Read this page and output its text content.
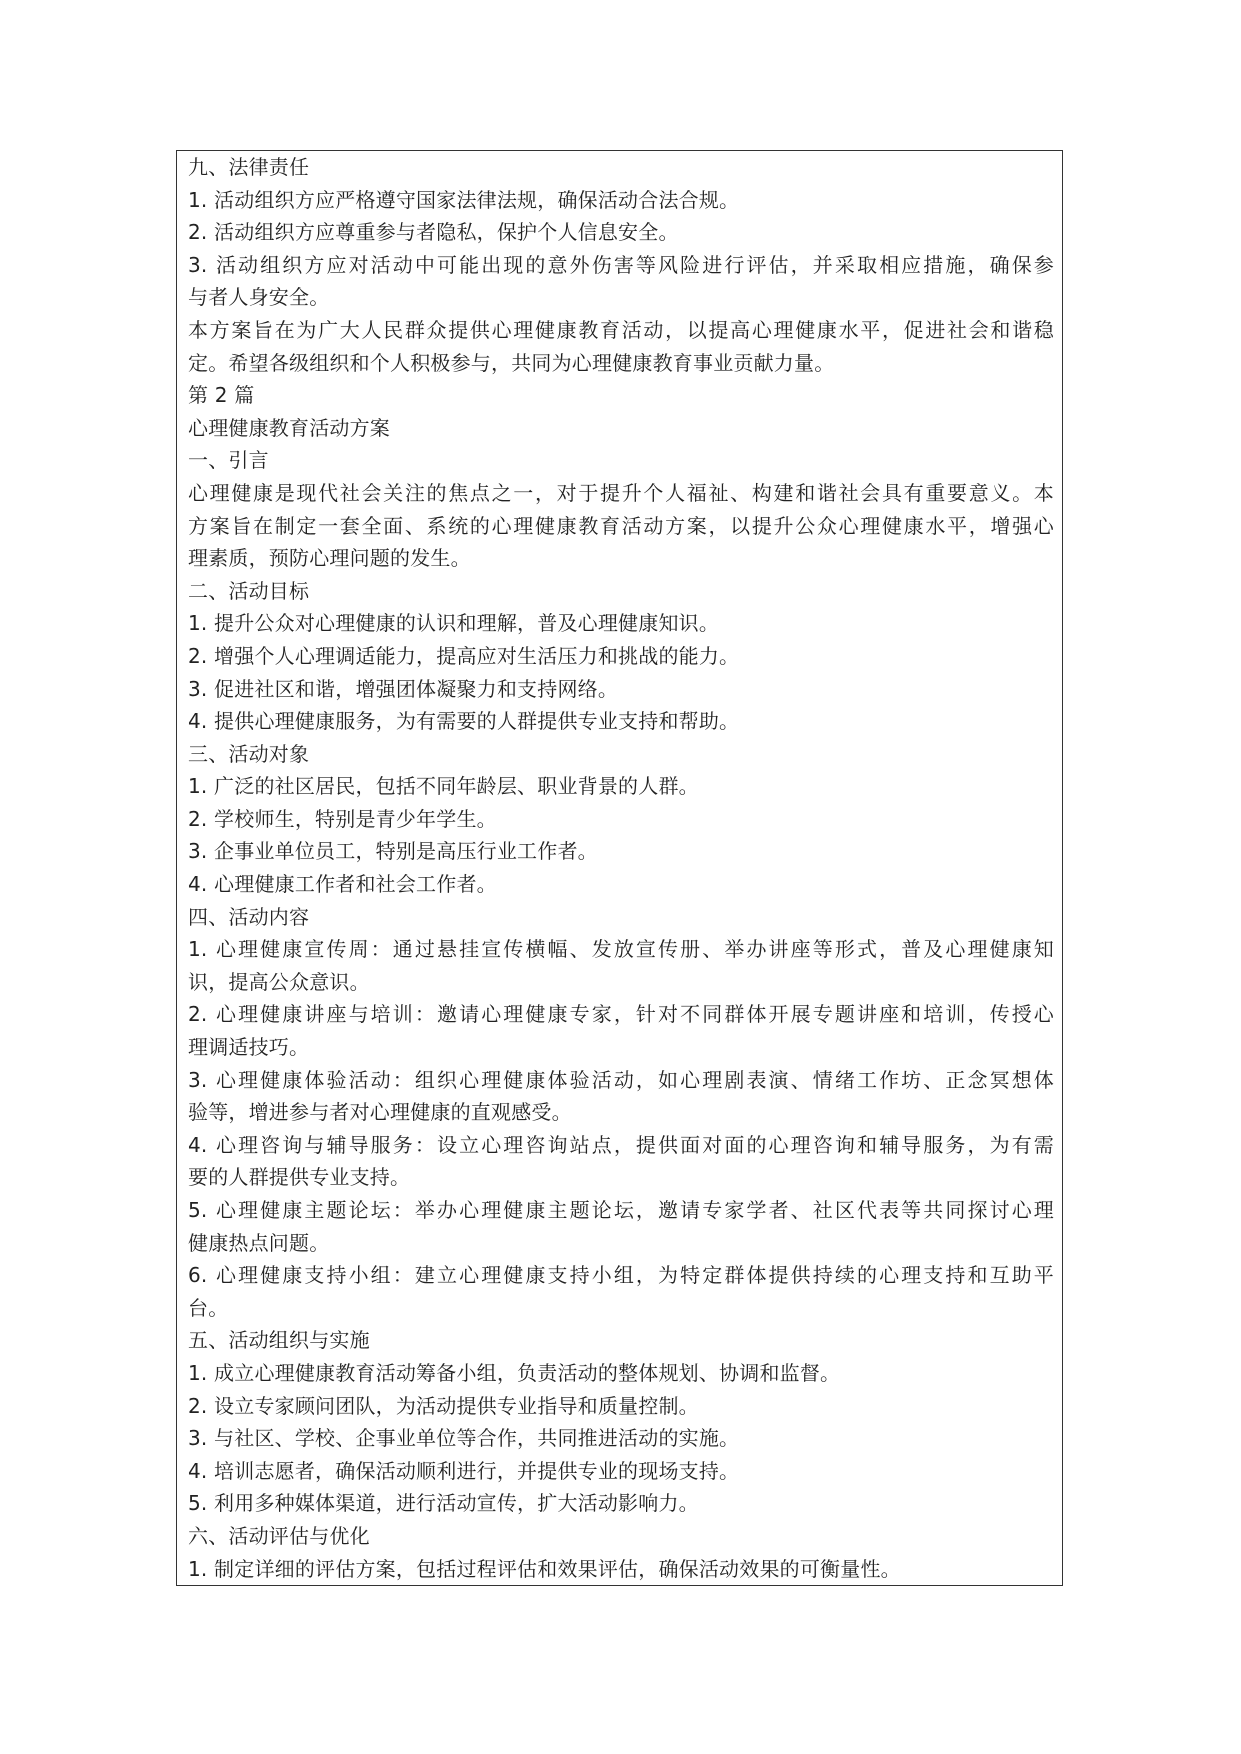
九、法律责任
1. 活动组织方应严格遵守国家法律法规，确保活动合法合规。
2. 活动组织方应尊重参与者隐私，保护个人信息安全。
3. 活动组织方应对活动中可能出现的意外伤害等风险进行评估，并采取相应措施，确保参
与者人身安全。
本方案旨在为广大人民群众提供心理健康教育活动，以提高心理健康水平，促进社会和谐稳
定。希望各级组织和个人积极参与，共同为心理健康教育事业贡献力量。
第 2 篇
心理健康教育活动方案
一、引言
心理健康是现代社会关注的焦点之一，对于提升个人福祉、构建和谐社会具有重要意义。本
方案旨在制定一套全面、系统的心理健康教育活动方案，以提升公众心理健康水平，增强心
理素质，预防心理问题的发生。
二、活动目标
1. 提升公众对心理健康的认识和理解，普及心理健康知识。
2. 增强个人心理调适能力，提高应对生活压力和挑战的能力。
3. 促进社区和谐，增强团体凝聚力和支持网络。
4. 提供心理健康服务，为有需要的人群提供专业支持和帮助。
三、活动对象
1. 广泛的社区居民，包括不同年龄层、职业背景的人群。
2. 学校师生，特别是青少年学生。
3. 企事业单位员工，特别是高压行业工作者。
4. 心理健康工作者和社会工作者。
四、活动内容
1. 心理健康宣传周：通过悬挂宣传横幅、发放宣传册、举办讲座等形式，普及心理健康知
识，提高公众意识。
2. 心理健康讲座与培训：邀请心理健康专家，针对不同群体开展专题讲座和培训，传授心
理调适技巧。
3. 心理健康体验活动：组织心理健康体验活动，如心理剧表演、情绪工作坊、正念冥想体
验等，增进参与者对心理健康的直观感受。
4. 心理咨询与辅导服务：设立心理咨询站点，提供面对面的心理咨询和辅导服务，为有需
要的人群提供专业支持。
5. 心理健康主题论坛：举办心理健康主题论坛，邀请专家学者、社区代表等共同探讨心理
健康热点问题。
6. 心理健康支持小组：建立心理健康支持小组，为特定群体提供持续的心理支持和互助平
台。
五、活动组织与实施
1. 成立心理健康教育活动筹备小组，负责活动的整体规划、协调和监督。
2. 设立专家顾问团队，为活动提供专业指导和质量控制。
3. 与社区、学校、企事业单位等合作，共同推进活动的实施。
4. 培训志愿者，确保活动顺利进行，并提供专业的现场支持。
5. 利用多种媒体渠道，进行活动宣传，扩大活动影响力。
六、活动评估与优化
1. 制定详细的评估方案，包括过程评估和效果评估，确保活动效果的可衡量性。
